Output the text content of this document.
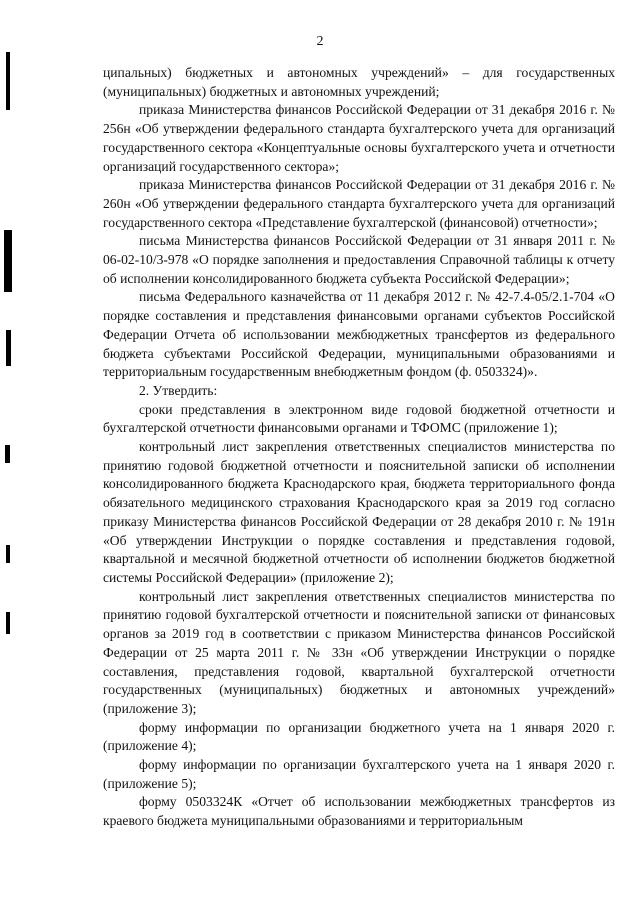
2

ципальных) бюджетных и автономных учреждений» – для государственных (муниципальных) бюджетных и автономных учреждений;

приказа Министерства финансов Российской Федерации от 31 декабря 2016 г. № 256н «Об утверждении федерального стандарта бухгалтерского учета для организаций государственного сектора «Концептуальные основы бухгалтерского учета и отчетности организаций государственного сектора»;

приказа Министерства финансов Российской Федерации от 31 декабря 2016 г. № 260н «Об утверждении федерального стандарта бухгалтерского учета для организаций государственного сектора «Представление бухгалтерской (финансовой) отчетности»;

письма Министерства финансов Российской Федерации от 31 января 2011 г. № 06-02-10/3-978 «О порядке заполнения и предоставления Справочной таблицы к отчету об исполнении консолидированного бюджета субъекта Российской Федерации»;

письма Федерального казначейства от 11 декабря 2012 г. № 42-7.4-05/2.1-704 «О порядке составления и представления финансовыми органами субъектов Российской Федерации Отчета об использовании межбюджетных трансфертов из федерального бюджета субъектами Российской Федерации, муниципальными образованиями и территориальным государственным внебюджетным фондом (ф. 0503324)».

2. Утвердить:

сроки представления в электронном виде годовой бюджетной отчетности и бухгалтерской отчетности финансовыми органами и ТФОМС (приложение 1);

контрольный лист закрепления ответственных специалистов министерства по принятию годовой бюджетной отчетности и пояснительной записки об исполнении консолидированного бюджета Краснодарского края, бюджета территориального фонда обязательного медицинского страхования Краснодарского края за 2019 год согласно приказу Министерства финансов Российской Федерации от 28 декабря 2010 г. № 191н «Об утверждении Инструкции о порядке составления и представления годовой, квартальной и месячной бюджетной отчетности об исполнении бюджетов бюджетной системы Российской Федерации» (приложение 2);

контрольный лист закрепления ответственных специалистов министерства по принятию годовой бухгалтерской отчетности и пояснительной записки от финансовых органов за 2019 год в соответствии с приказом Министерства финансов Российской Федерации от 25 марта 2011 г. № 33н «Об утверждении Инструкции о порядке составления, представления годовой, квартальной бухгалтерской отчетности государственных (муниципальных) бюджетных и автономных учреждений» (приложение 3);

форму информации по организации бюджетного учета на 1 января 2020 г. (приложение 4);

форму информации по организации бухгалтерского учета на 1 января 2020 г. (приложение 5);

форму 0503324К «Отчет об использовании межбюджетных трансфертов из краевого бюджета муниципальными образованиями и территориальным
